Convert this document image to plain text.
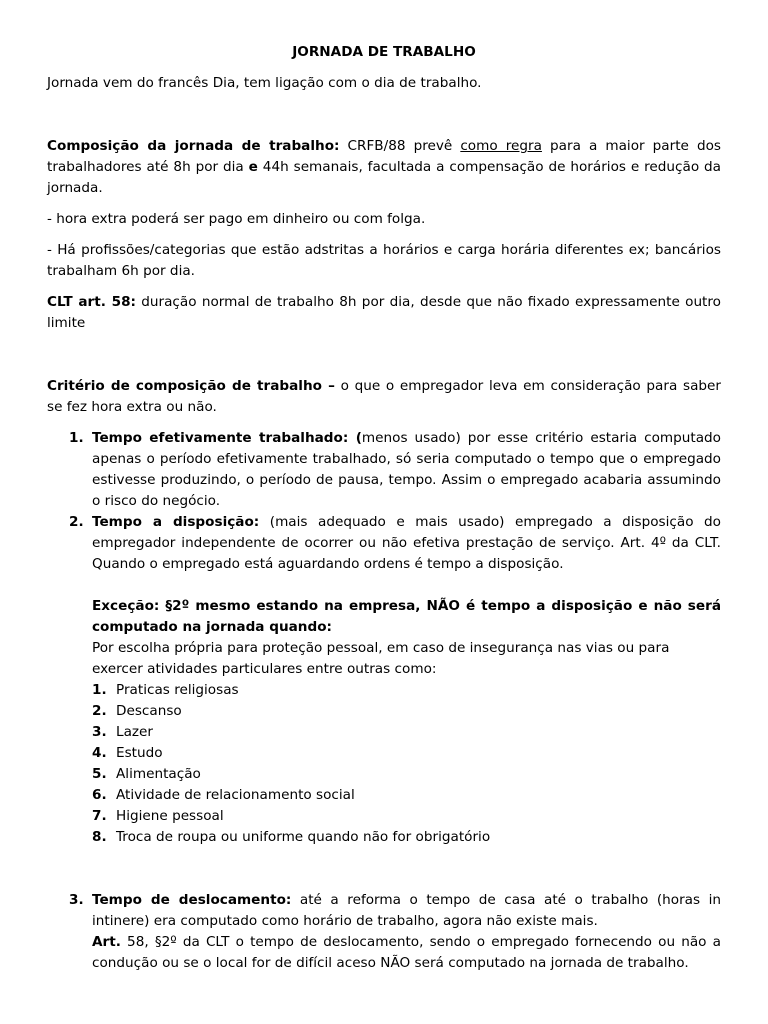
JORNADA DE TRABALHO

Jornada vem do francês Dia, tem ligação com o dia de trabalho.

Composição da jornada de trabalho: CRFB/88 prevê como regra para a maior parte dos trabalhadores até 8h por dia e 44h semanais, facultada a compensação de horários e redução da jornada.

- hora extra poderá ser pago em dinheiro ou com folga.

- Há profissões/categorias que estão adstritas a horários e carga horária diferentes ex; bancários trabalham 6h por dia.

CLT art. 58: duração normal de trabalho 8h por dia, desde que não fixado expressamente outro limite

Critério de composição de trabalho – o que o empregador leva em consideração para saber se fez hora extra ou não.

1. Tempo efetivamente trabalhado: (menos usado) por esse critério estaria computado apenas o período efetivamente trabalhado, só seria computado o tempo que o empregado estivesse produzindo, o período de pausa, tempo. Assim o empregado acabaria assumindo o risco do negócio.

2. Tempo a disposição: (mais adequado e mais usado) empregado a disposição do empregador independente de ocorrer ou não efetiva prestação de serviço. Art. 4º da CLT. Quando o empregado está aguardando ordens é tempo a disposição.

Exceção: §2º mesmo estando na empresa, NÃO é tempo a disposição e não será computado na jornada quando:

Por escolha própria para proteção pessoal, em caso de insegurança nas vias ou para exercer atividades particulares entre outras como:

1. Praticas religiosas
2. Descanso
3. Lazer
4. Estudo
5. Alimentação
6. Atividade de relacionamento social
7. Higiene pessoal
8. Troca de roupa ou uniforme quando não for obrigatório
3. Tempo de deslocamento: até a reforma o tempo de casa até o trabalho (horas in intinere) era computado como horário de trabalho, agora não existe mais.

Art. 58, §2º da CLT o tempo de deslocamento, sendo o empregado fornecendo ou não a condução ou se o local for de difícil aceso NÃO será computado na jornada de trabalho.
